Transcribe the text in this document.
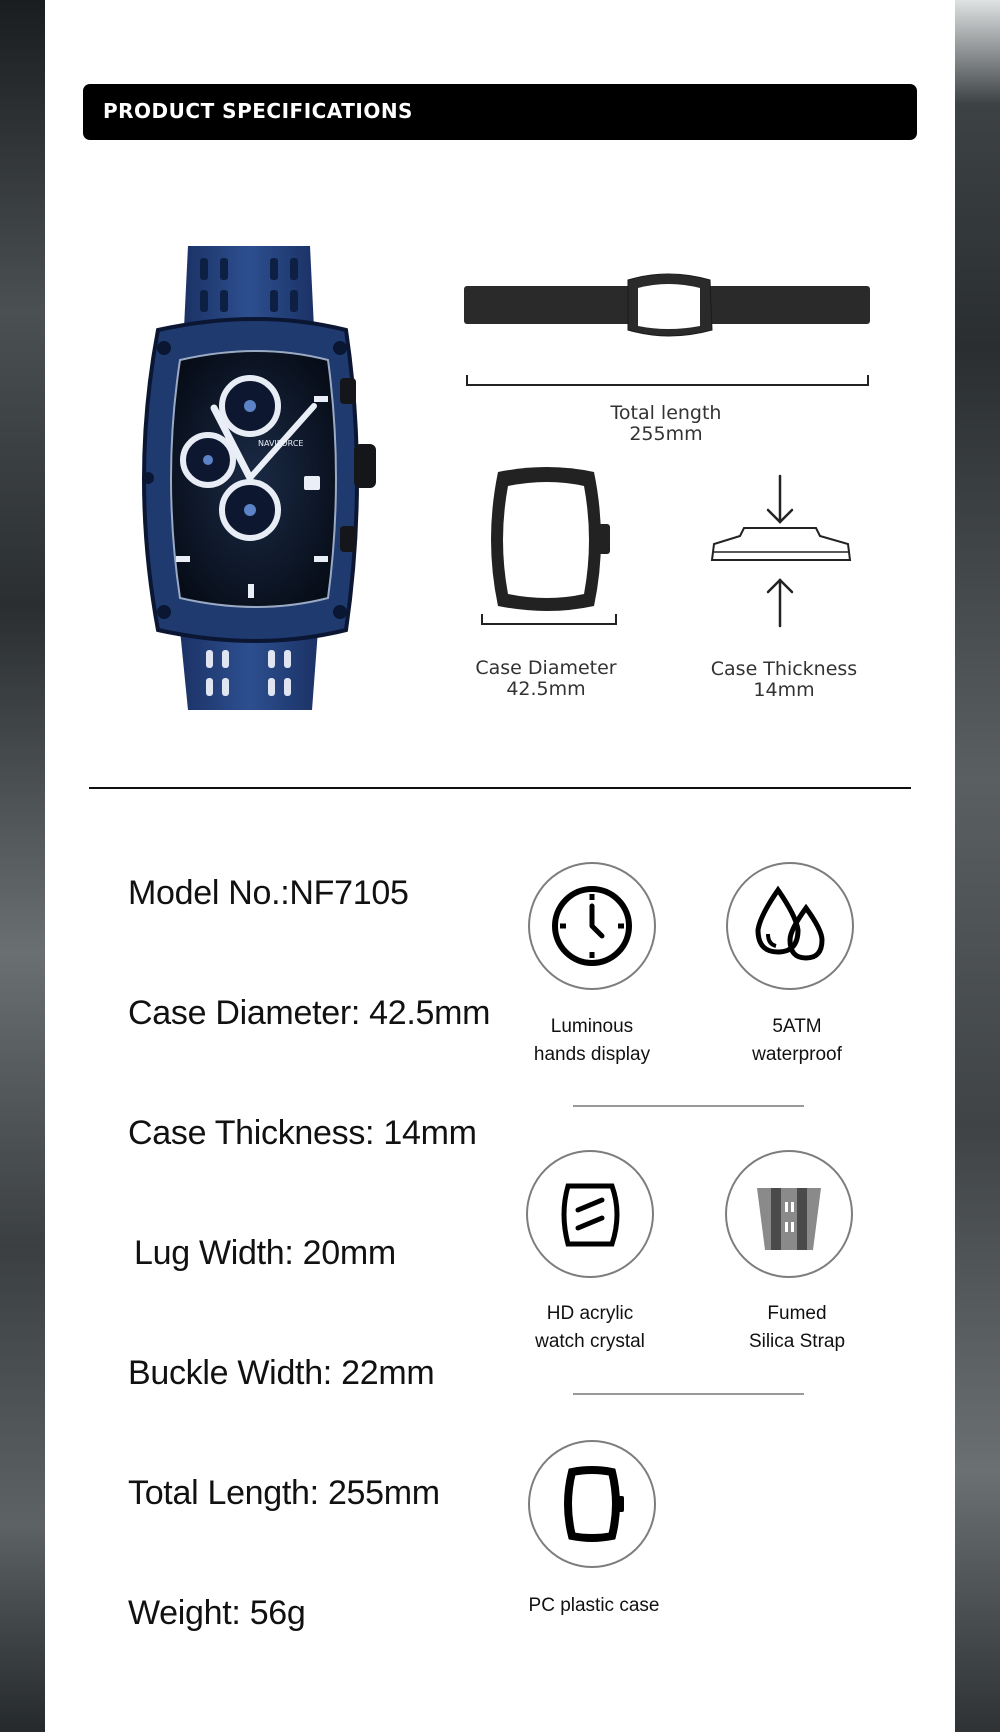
PRODUCT SPECIFICATIONS
NAVIFORCE
Total length
255mm
Case Diameter
42.5mm
Case Thickness
14mm
Model No.:NF7105
Case Diameter: 42.5mm
Case Thickness: 14mm
Lug Width: 20mm
Buckle Width: 22mm
Total Length: 255mm
Weight: 56g
Luminous
hands display
5ATM
waterproof
HD acrylic
watch crystal
Fumed
Silica Strap
PC plastic case
